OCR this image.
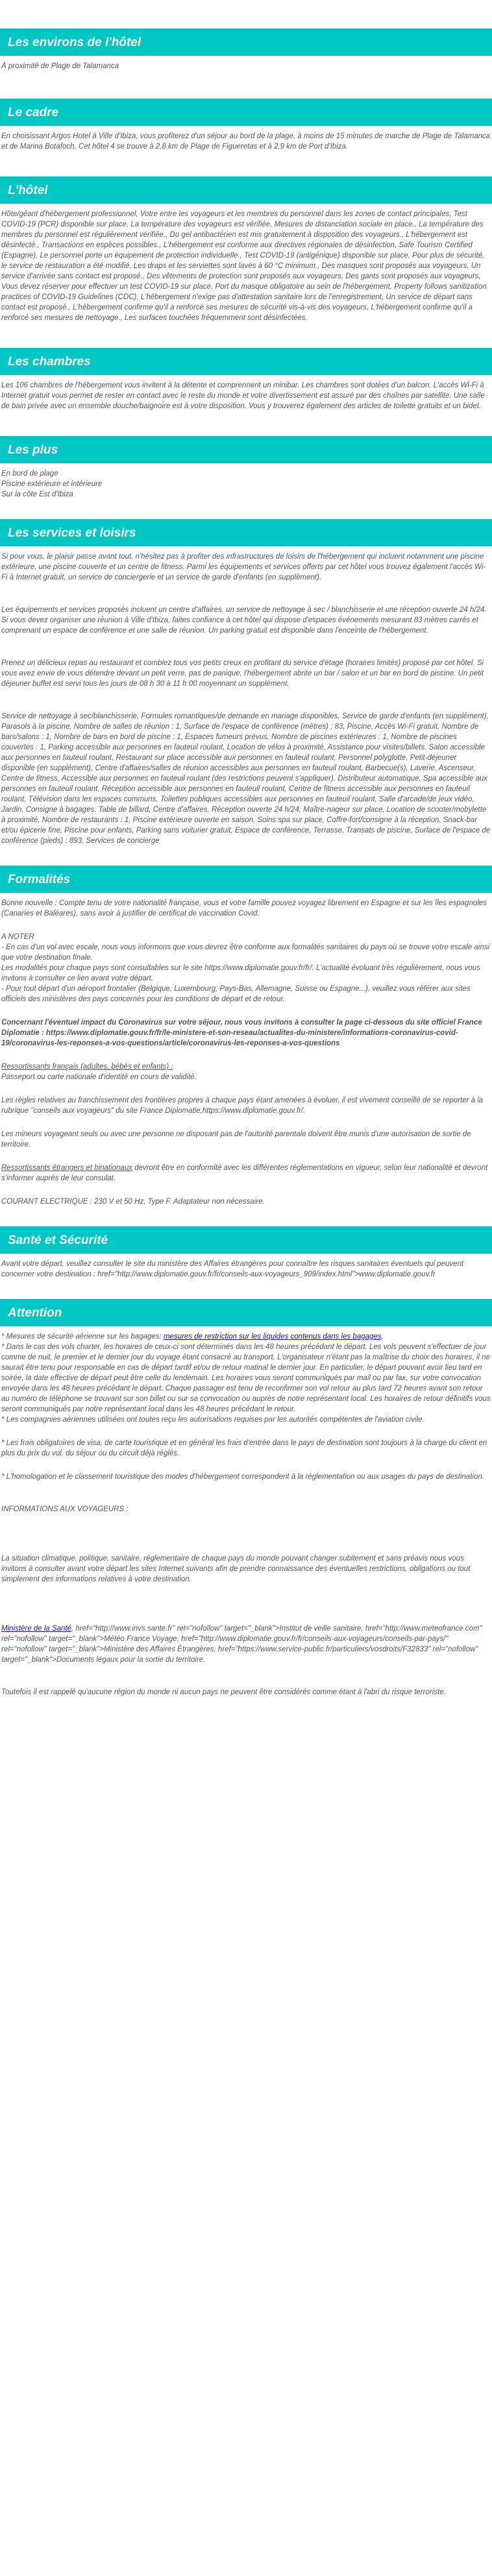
Les environs de l'hôtel

À proximité de Plage de Talamanca

Le cadre

En choisissant Argos Hotel à Ville d'Ibiza, vous profiterez d'un séjour au bord de la plage, à moins de 15 minutes de marche de Plage de Talamanca et de Marina Botafoch. Cet hôtel 4 se trouve à 2,8 km de Plage de Figueretas et à 2,9 km de Port d'Ibiza.

L'hôtel

Hôte/géant d'hébergement professionnel, Votre entre les voyageurs et les membres du personnel dans les zones de contact principales, Test COVID-19 (PCR) disponible sur place, La température des voyageurs est vérifiée, Mesures de distanciation sociale en place., La température des membres du personnel est régulièrement vérifiée., Du gel antibactérien est mis gratuitement à disposition des voyageurs., L'hébergement est désinfecté., Transactions en espèces possibles., L'hébergement est conforme aux directives régionales de désinfection, Safe Tourism Certified (Espagne), Le personnel porte un équipement de protection individuelle., Test COVID-19 (antigénique) disponible sur place, Pour plus de sécurité, le service de restauration a été modifié, Les draps et les serviettes sont lavés à 60 °C minimum., Des masques sont proposés aux voyageurs. Un service d'arrivée sans contact est proposé., Des vêtements de protection sont proposés aux voyageurs, Des gants sont proposés aux voyageurs, Vous devez réserver pour effectuer un test COVID-19 sur place, Port du masque obligatoire au sein de l'hébergement, Property follows sanitization practices of COVID-19 Guidelines (CDC), L'hébergement n'exige pas d'attestation sanitaire lors de l'enregistrement, Un service de départ sans contact est proposé., L'hébergement confirme qu'il a renforcé ses mesures de sécurité vis-à-vis des voyageurs, L'hébergement confirme qu'il a renforcé ses mesures de nettoyage., Les surfaces touchées fréquemment sont désinfectées.

Les chambres

Les 106 chambres de l'hébergement vous invitent à la détente et comprennent un minibar. Les chambres sont dotées d'un balcon. L'accès Wi-Fi à Internet gratuit vous permet de rester en contact avec le reste du monde et votre divertissement est assuré par des chaînes par satellite. Une salle de bain privée avec un ensemble douche/baignoire est à votre disposition. Vous y trouverez également des articles de toilette gratuits et un bidet.

Les plus

En bord de plage

Piscine extérieure et intérieure

Sur la côte Est d'Ibiza

Les services et loisirs

Si pour vous, le plaisir passe avant tout, n'hésitez pas à profiter des infrastructures de loisirs de l'hébergement qui incluent notamment une piscine extérieure, une piscine couverte et un centre de fitness. Parmi les équipements et services offerts par cet hôtel vous trouvez également l'accès Wi-Fi à Internet gratuit, un service de conciergerie et un service de garde d'enfants (en supplément).

Les équipements et services proposés incluent un centre d'affaires, un service de nettoyage à sec / blanchisserie et une réception ouverte 24 h/24. Si vous devez organiser une réunion à Ville d'Ibiza, faites confiance à cet hôtel qui dispose d'espaces événements mesurant 83 mètres carrés et comprenant un espace de conférence et une salle de réunion. Un parking gratuit est disponible dans l'enceinte de l'hébergement.

Prenez un délicieux repas au restaurant et comblez tous vos petits creux en profitant du service d'étage (horaires limités) proposé par cet hôtel. Si vous avez envie de vous détendre devant un petit verre, pas de panique, l'hébergement abrite un bar / salon et un bar en bord de piscine. Un petit déjeuner buffet est servi tous les jours de 08 h 30 à 11 h 00 moyennant un supplément.

Service de nettoyage à sec/blanchisserie, Formules romantiques/de demande en mariage disponibles, Service de garde d'enfants (en supplément), Parasols à la piscine, Nombre de salles de réunion : 1, Surface de l'espace de conférence (mètres) : 83, Piscine, Accès Wi-Fi gratuit, Nombre de bars/salons : 1, Nombre de bars en bord de piscine : 1, Espaces fumeurs prévus, Nombre de piscines extérieures : 1, Nombre de piscines couvertes : 1, Parking accessible aux personnes en fauteuil roulant, Location de vélos à proximité, Assistance pour visites/billets, Salon accessible aux personnes en fauteuil roulant, Restaurant sur place accessible aux personnes en fauteuil roulant, Personnel polyglotte, Petit-déjeuner disponible (en supplément), Centre d'affaires/salles de réunion accessibles aux personnes en fauteuil roulant, Barbecue(s), Laverie, Ascenseur, Centre de fitness, Accessible aux personnes en fauteuil roulant (des restrictions peuvent s'appliquer), Distributeur automatique, Spa accessible aux personnes en fauteuil roulant, Réception accessible aux personnes en fauteuil roulant, Centre de fitness accessible aux personnes en fauteuil roulant, Télévision dans les espaces communs, Toilettes publiques accessibles aux personnes en fauteuil roulant, Salle d'arcade/de jeux vidéo, Jardin, Consigne à bagages, Table de billard, Centre d'affaires, Réception ouverte 24 h/24, Maître-nageur sur place, Location de scooter/mobylette à proximité, Nombre de restaurants : 1, Piscine extérieure ouverte en saison, Soins spa sur place, Coffre-fort/consigne à la réception, Snack-bar et/ou épicerie fine, Piscine pour enfants, Parking sans voiturier gratuit, Espace de conférence, Terrasse, Transats de piscine, Surface de l'espace de conférence (pieds) : 893, Services de concierge

Formalités

Bonne nouvelle : Compte tenu de votre nationalité française, vous et votre famille pouvez voyagez librement en Espagne et sur les îles espagnoles (Canaries et Baléares), sans avoir à justifier de certificat de vaccination Covid.

A NOTER

- En cas d'un vol avec escale, nous vous informons que vous devrez être conforme aux formalités sanitaires du pays où se trouve votre escale ainsi que votre destination finale.

Les modalités pour chaque pays sont consultables sur le site https://www.diplomatie.gouv.fr/fr/. L'actualité évoluant très régulièrement, nous vous invitons à consulter ce lien avant votre départ.

- Pour tout départ d'un aéroport frontalier (Belgique, Luxembourg, Pays-Bas, Allemagne, Suisse ou Espagne...), veuillez vous référer aux sites officiels des ministères des pays concernés pour les conditions de départ et de retour.

Concernant l'éventuel impact du Coronavirus sur votre séjour, nous vous invitons à consulter la page ci-dessous du site officiel France Diplomatie : https://www.diplomatie.gouv.fr/fr/le-ministere-et-son-reseau/actualites-du-ministere/informations-coronavirus-covid-19/coronavirus-les-reponses-a-vos-questions/article/coronavirus-les-reponses-a-vos-questions

Ressortissants français (adultes, bébés et enfants) :

Passeport ou carte nationale d'identité en cours de validité.

Les règles relatives au franchissement des frontières propres à chaque pays étant amenées à évoluer, il est vivement conseillé de se reporter à la rubrique "conseils aux voyageurs" du site France Diplomatie,https://www.diplomatie.gouv.fr/.

Les mineurs voyageant seuls ou avec une personne ne disposant pas de l'autorité parentale doivent être munis d'une autorisation de sortie de territoire.

Ressortissants étrangers et binationaux devront être en conformité avec les différentes réglementations en vigueur, selon leur nationalité et devront s'informer auprès de leur consulat.

COURANT ELECTRIQUE : 230 V et 50 Hz, Type F. Adaptateur non nécessaire.

Santé et Sécurité

Avant votre départ, veuillez consulter le site du ministère des Affaires étrangères pour connaître les risques sanitaires éventuels qui peuvent concerner votre destination : href="http://www.diplomatie.gouv.fr/fr/conseils-aux-voyageurs_909/index.html">www.diplomatie.gouv.fr

Attention

* Mesures de sécurité aérienne sur les bagages: mesures de restriction sur les liquides contenus dans les bagages.

* Dans le cas des vols charter, les horaires de ceux-ci sont déterminés dans les 48 heures précédant le départ. Les vols peuvent s'effectuer de jour comme de nuit, le premier et le dernier jour du voyage étant consacré au transport. L'organisateur n'étant pas la maîtrise du choix des horaires, il ne saurait être tenu pour responsable en cas de départ tardif et/ou de retour matinal le dernier jour. En particulier, le départ pouvant avoir lieu tard en soirée, la date effective de départ peut être celle du lendemain. Les horaires vous seront communiqués par mail ou par fax, sur votre convocation envoyée dans les 48 heures précédant le départ. Chaque passager est tenu de reconfirmer son vol retour au plus tard 72 heures avant son retour au numéro de téléphone se trouvant sur son billet ou sur sa convocation ou auprès de notre représentant local. Les horaires de retour définitifs vous seront communiqués par notre représentant local dans les 48 heures précédant le retour.

* Les compagnies aériennes utilisées ont toutes reçu les autorisations requises par les autorités compétentes de l'aviation civile.

* Les frais obligatoires de visa, de carte touristique et en général les frais d'entrée dans le pays de destination sont toujours à la charge du client en plus du prix du vol, du séjour ou du circuit déjà réglés.

* L'homologation et le classement touristique des modes d'hébergement correspondent à la réglementation ou aux usages du pays de destination.

INFORMATIONS AUX VOYAGEURS :

La situation climatique, politique, sanitaire, réglementaire de chaque pays du monde pouvant changer subitement et sans préavis nous vous invitons à consulter avant votre départ les sites Internet suivants afin de prendre connaissance des éventuelles restrictions, obligations ou tout simplement des informations relatives à votre destination.

Ministère de la Santé, href="http://www.invs.sante.fr" rel="nofollow" target="_blank">Institut de veille sanitaire, href="http://www.meteofrance.com" rel="nofollow" target="_blank">Météo France Voyage, href="http://www.diplomatie.gouv.fr/fr/conseils-aux-voyageurs/conseils-par-pays/" rel="nofollow" target="_blank">Ministère des Affaires Étrangères, href="https://www.service-public.fr/particuliers/vosdroits/F32833" rel="nofollow" target="_blank">Documents légaux pour la sortie du territoire.

Toutefois il est rappelé qu'aucune région du monde ni aucun pays ne peuvent être considérés comme étant à l'abri du risque terroriste.
